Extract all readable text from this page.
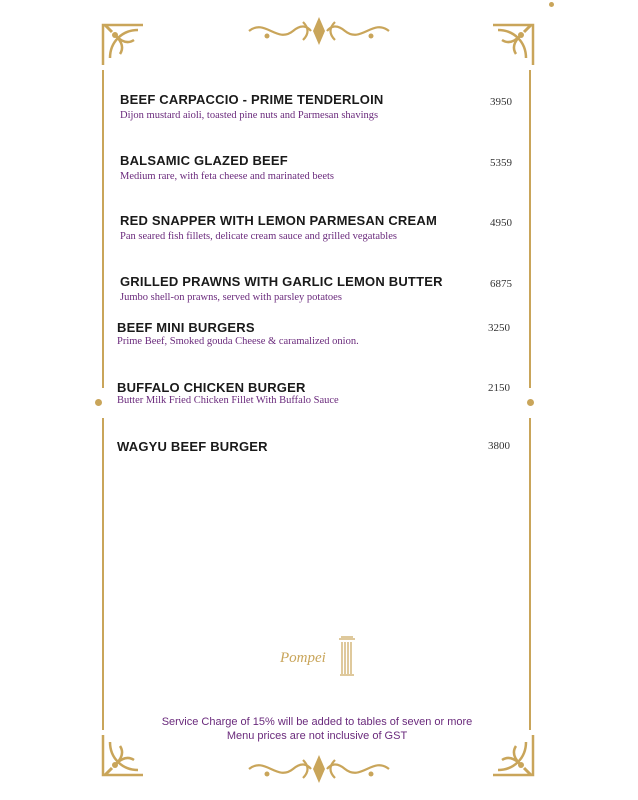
BEEF CARPACCIO - PRIME TENDERLOIN
Dijon mustard aioli, toasted pine nuts and Parmesan shavings
3950
BALSAMIC GLAZED BEEF
Medium rare, with feta cheese and marinated beets
5359
RED SNAPPER WITH LEMON PARMESAN CREAM
Pan seared fish fillets, delicate cream sauce and grilled vegatables
4950
GRILLED PRAWNS WITH GARLIC LEMON BUTTER
Jumbo shell-on prawns, served with parsley potatoes
6875
BEEF MINI BURGERS
Prime Beef, Smoked gouda Cheese & caramalized onion.
3250
BUFFALO CHICKEN BURGER
Butter Milk Fried Chicken Fillet With Buffalo Sauce
2150
WAGYU BEEF BURGER	3800
Pompei
Service Charge of 15% will be added to tables of seven or more
Menu prices are not inclusive of GST
